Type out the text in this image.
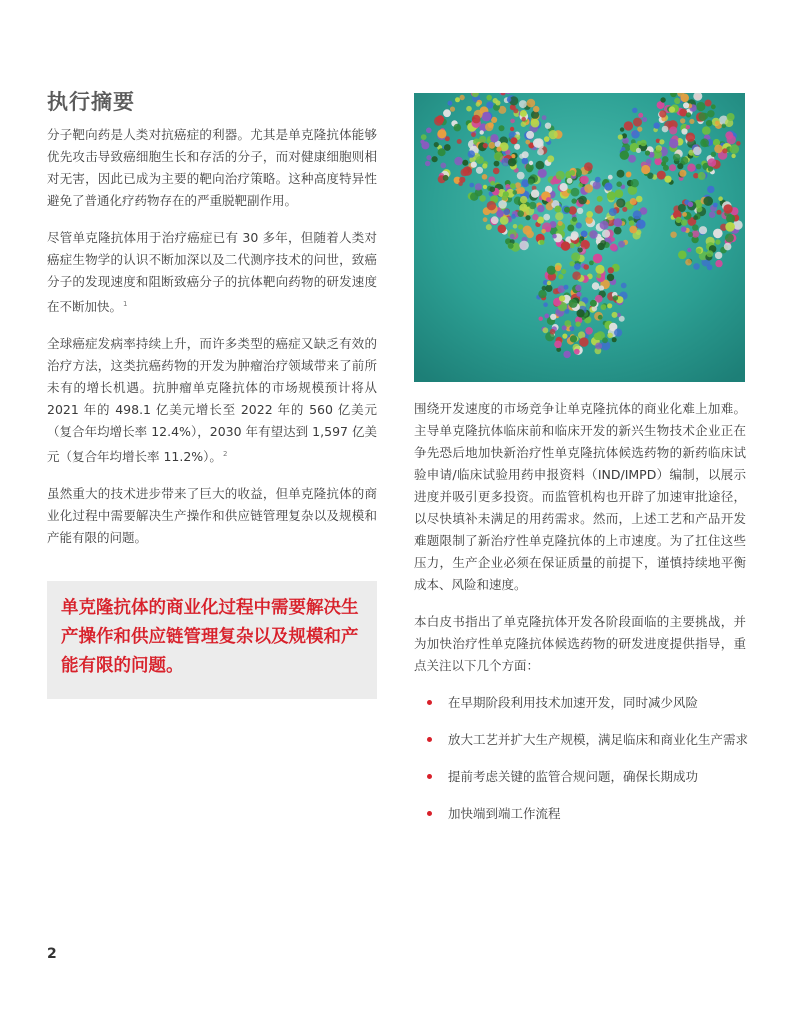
执行摘要

分子靶向药是人类对抗癌症的利器。尤其是单克隆抗体能够优先攻击导致癌细胞生长和存活的分子，而对健康细胞则相对无害，因此已成为主要的靶向治疗策略。这种高度特异性避免了普通化疗药物存在的严重脱靶副作用。

尽管单克隆抗体用于治疗癌症已有 30 多年，但随着人类对癌症生物学的认识不断加深以及二代测序技术的问世，致癌分子的发现速度和阻断致癌分子的抗体靶向药物的研发速度在不断加快。$^1$

全球癌症发病率持续上升，而许多类型的癌症又缺乏有效的治疗方法，这类抗癌药物的开发为肿瘤治疗领域带来了前所未有的增长机遇。抗肿瘤单克隆抗体的市场规模预计将从 2021 年的 498.1 亿美元增长至 2022 年的 560 亿美元（复合年均增长率 12.4%），2030 年有望达到 1,597 亿美元（复合年均增长率 11.2%）。$^2$

虽然重大的技术进步带来了巨大的收益，但单克隆抗体的商业化过程中需要解决生产操作和供应链管理复杂以及规模和产能有限的问题。

单克隆抗体的商业化过程中需要解决生产操作和供应链管理复杂以及规模和产能有限的问题。

围绕开发速度的市场竞争让单克隆抗体的商业化难上加难。主导单克隆抗体临床前和临床开发的新兴生物技术企业正在争先恐后地加快新治疗性单克隆抗体候选药物的新药临床试验申请/临床试验用药申报资料（IND/IMPD）编制，以展示进度并吸引更多投资。而监管机构也开辟了加速审批途径，以尽快填补未满足的用药需求。然而，上述工艺和产品开发难题限制了新治疗性单克隆抗体的上市速度。为了扛住这些压力，生产企业必须在保证质量的前提下，谨慎持续地平衡成本、风险和速度。

本白皮书指出了单克隆抗体开发各阶段面临的主要挑战，并为加快治疗性单克隆抗体候选药物的研发进度提供指导，重点关注以下几个方面：

在早期阶段利用技术加速开发，同时减少风险
放大工艺并扩大生产规模，满足临床和商业化生产需求
提前考虑关键的监管合规问题，确保长期成功
加快端到端工作流程
2
